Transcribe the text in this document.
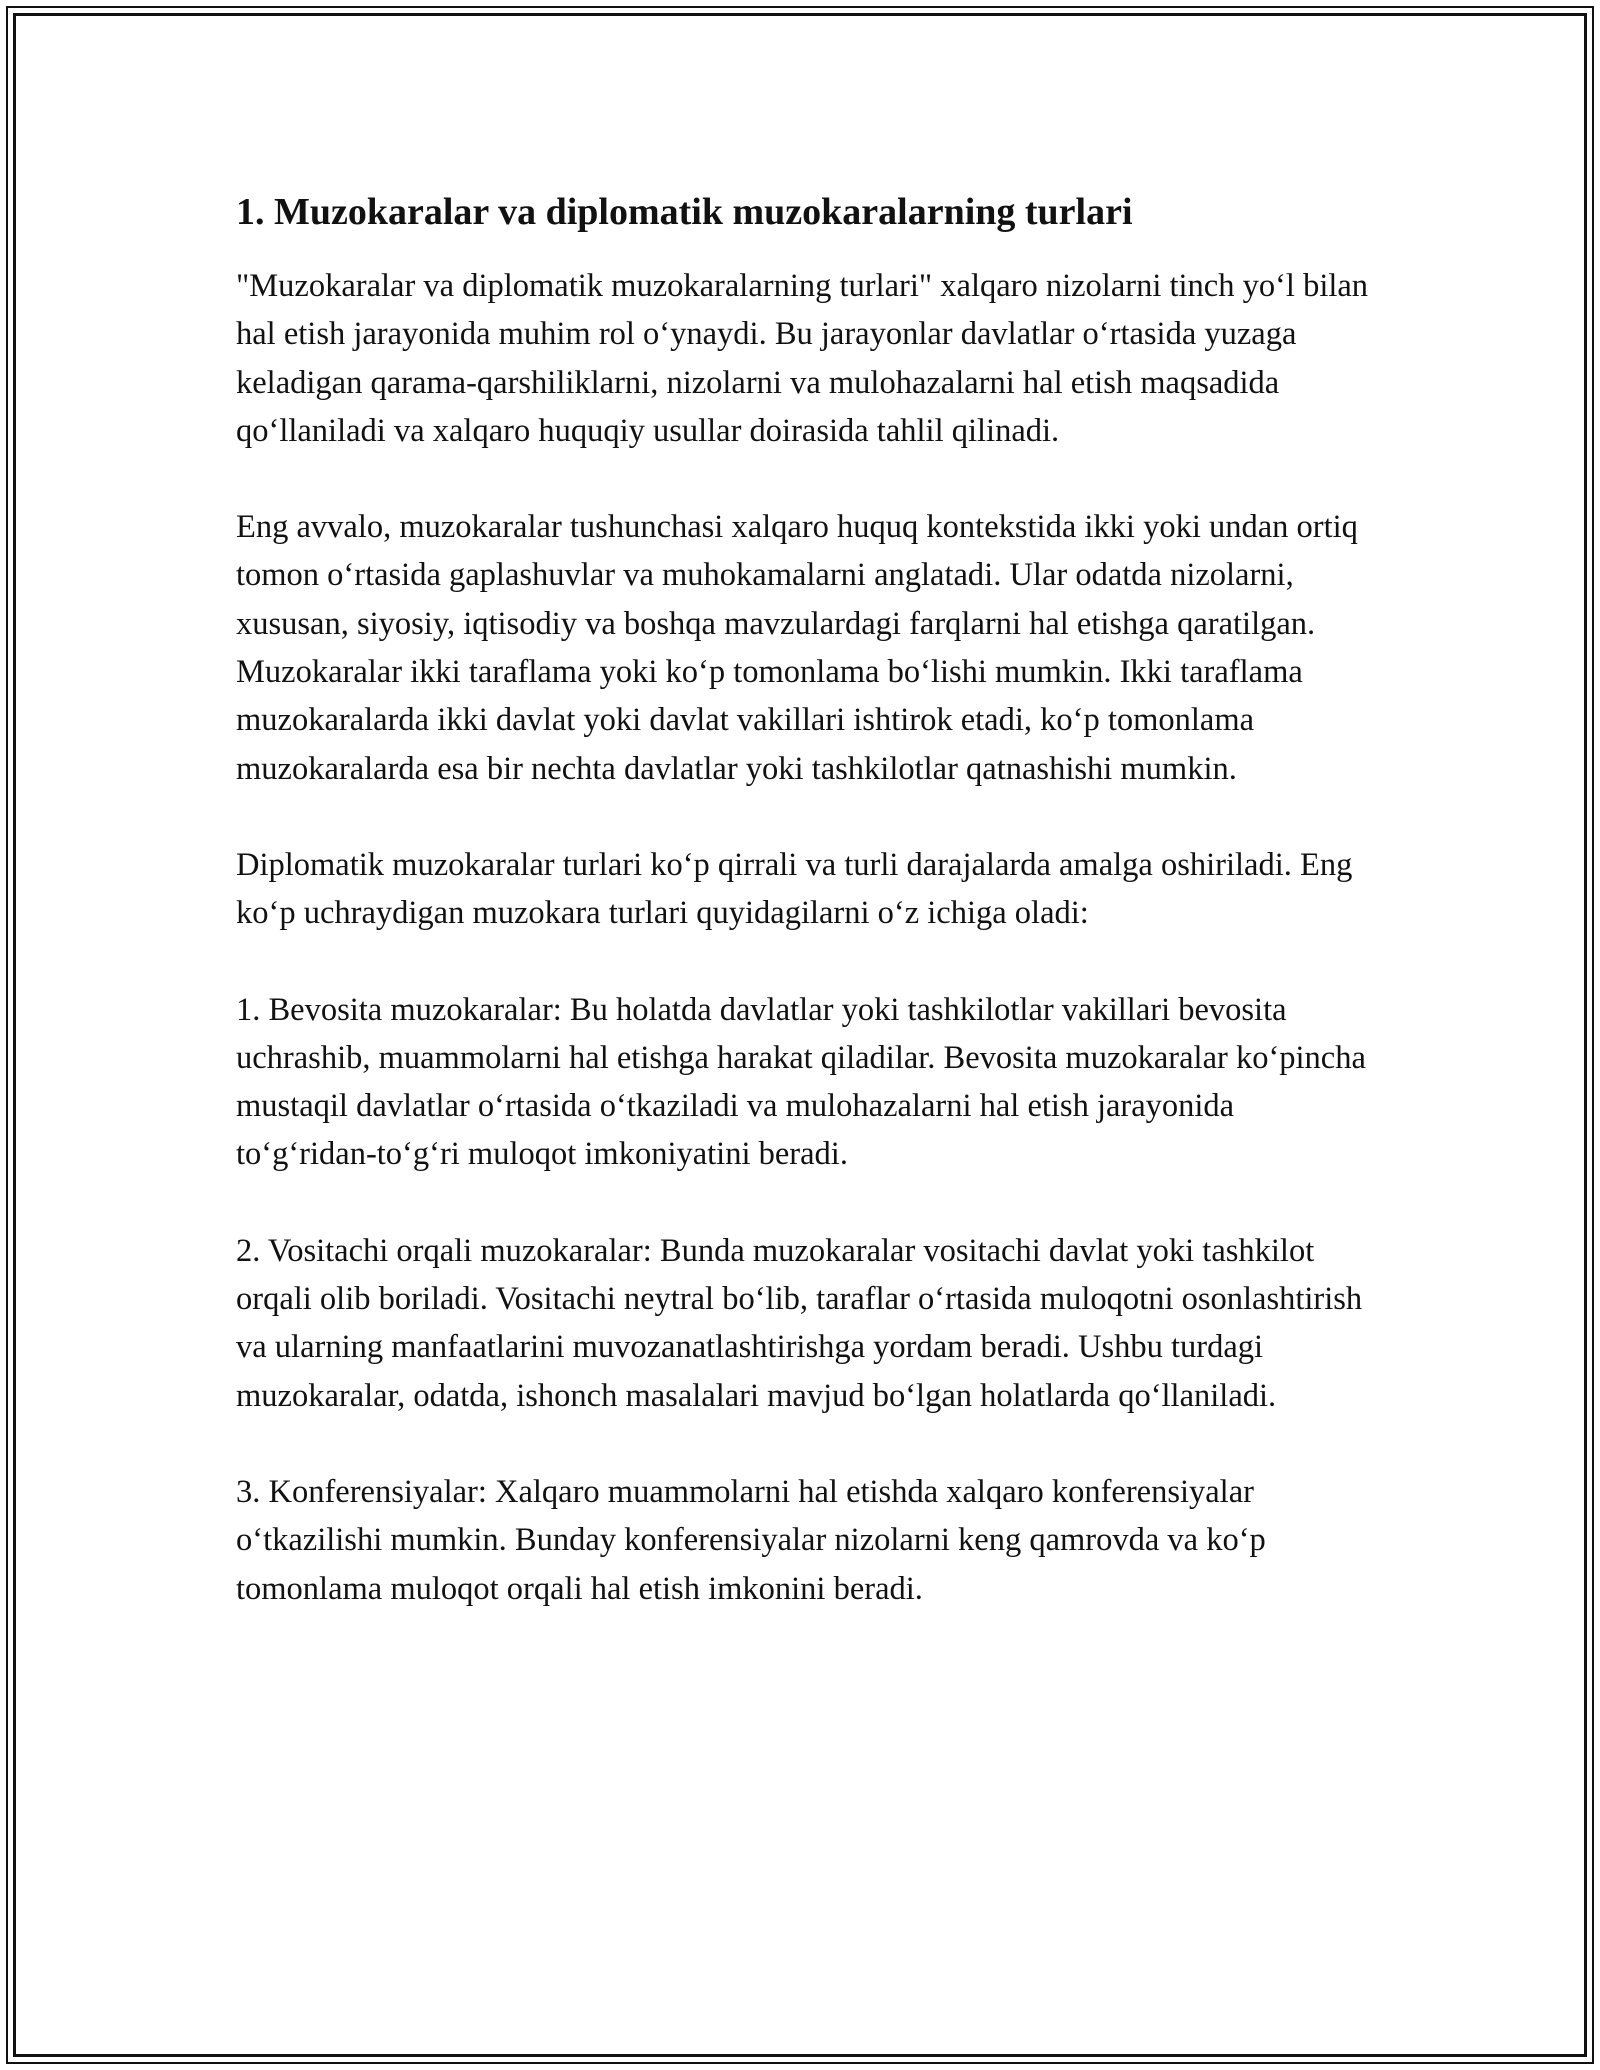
1. Muzokaralar va diplomatik muzokaralarning turlari

"Muzokaralar va diplomatik muzokaralarning turlari" xalqaro nizolarni tinch yo‘l bilan hal etish jarayonida muhim rol o‘ynaydi. Bu jarayonlar davlatlar o‘rtasida yuzaga keladigan qarama-qarshiliklarni, nizolarni va mulohazalarni hal etish maqsadida qo‘llaniladi va xalqaro huquqiy usullar doirasida tahlil qilinadi.

Eng avvalo, muzokaralar tushunchasi xalqaro huquq kontekstida ikki yoki undan ortiq tomon o‘rtasida gaplashuvlar va muhokamalarni anglatadi. Ular odatda nizolarni, xususan, siyosiy, iqtisodiy va boshqa mavzulardagi farqlarni hal etishga qaratilgan. Muzokaralar ikki taraflama yoki ko‘p tomonlama bo‘lishi mumkin. Ikki taraflama muzokaralarda ikki davlat yoki davlat vakillari ishtirok etadi, ko‘p tomonlama muzokaralarda esa bir nechta davlatlar yoki tashkilotlar qatnashishi mumkin.

Diplomatik muzokaralar turlari ko‘p qirrali va turli darajalarda amalga oshiriladi. Eng ko‘p uchraydigan muzokara turlari quyidagilarni o‘z ichiga oladi:

1. Bevosita muzokaralar: Bu holatda davlatlar yoki tashkilotlar vakillari bevosita uchrashib, muammolarni hal etishga harakat qiladilar. Bevosita muzokaralar ko‘pincha mustaqil davlatlar o‘rtasida o‘tkaziladi va mulohazalarni hal etish jarayonida to‘g‘ridan-to‘g‘ri muloqot imkoniyatini beradi.

2. Vositachi orqali muzokaralar: Bunda muzokaralar vositachi davlat yoki tashkilot orqali olib boriladi. Vositachi neytral bo‘lib, taraflar o‘rtasida muloqotni osonlashtirish va ularning manfaatlarini muvozanatlashtirishga yordam beradi. Ushbu turdagi muzokaralar, odatda, ishonch masalalari mavjud bo‘lgan holatlarda qo‘llaniladi.

3. Konferensiyalar: Xalqaro muammolarni hal etishda xalqaro konferensiyalar o‘tkazilishi mumkin. Bunday konferensiyalar nizolarni keng qamrovda va ko‘p tomonlama muloqot orqali hal etish imkonini beradi.
